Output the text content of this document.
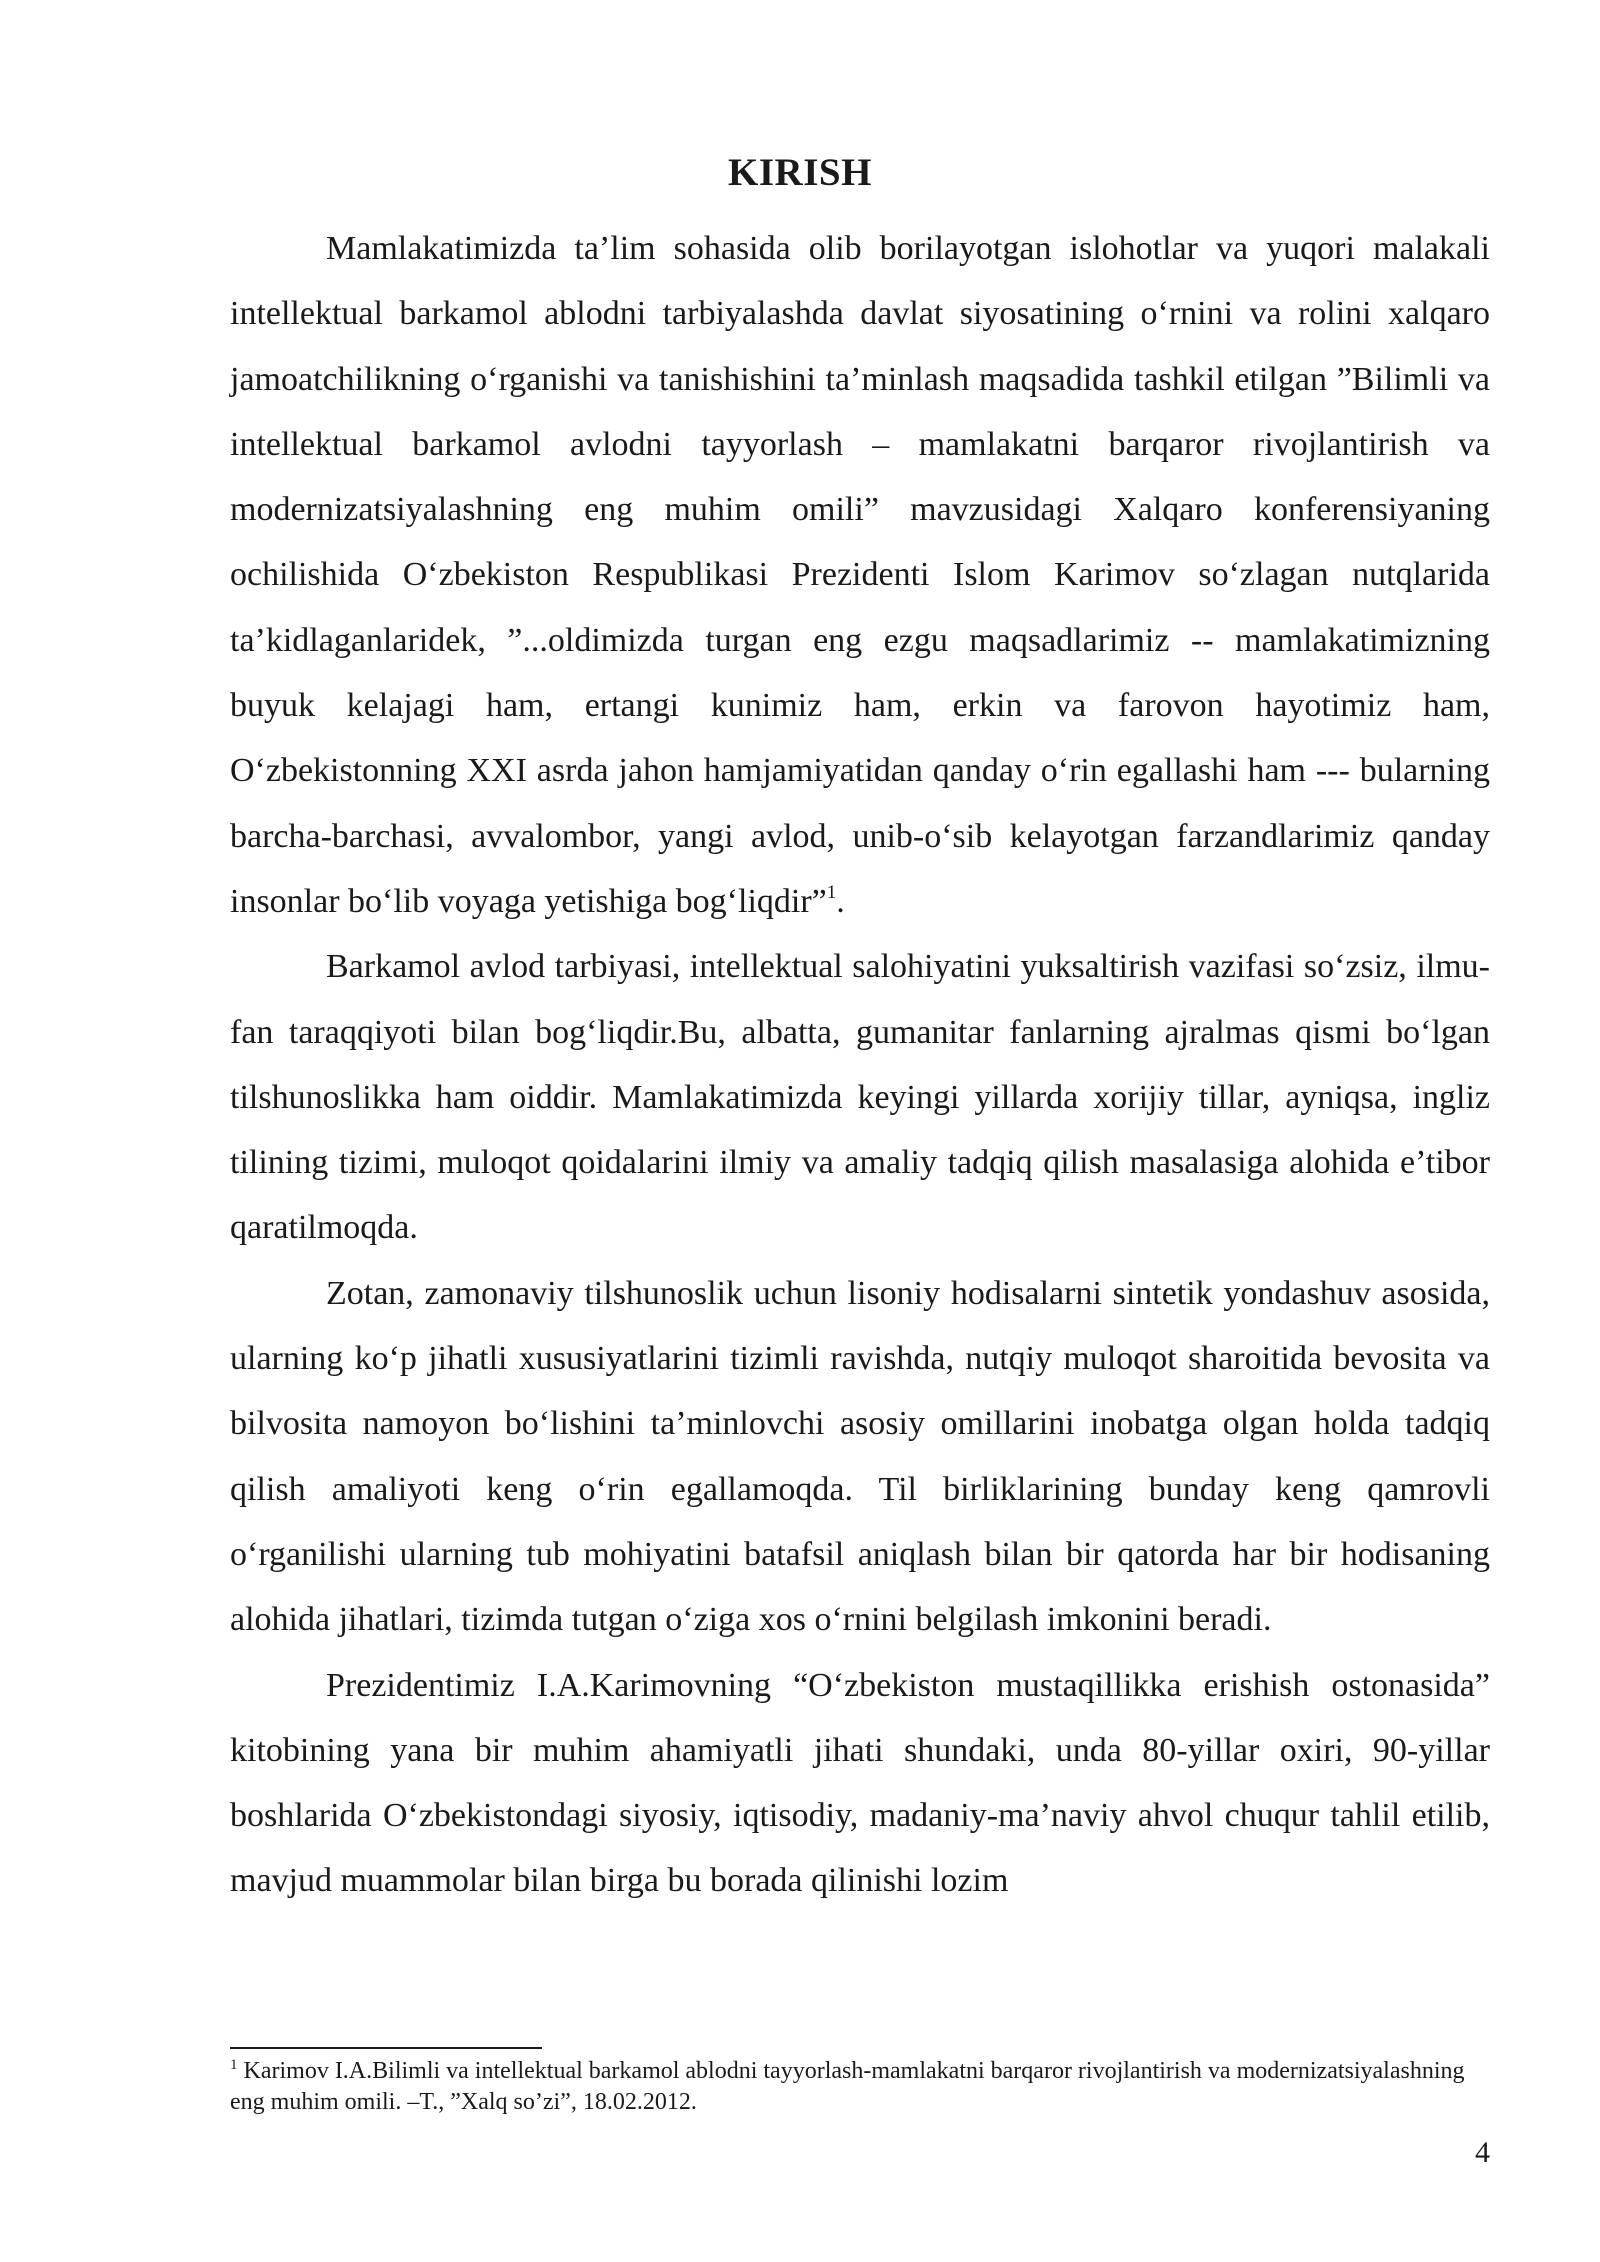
KIRISH

Mamlakatimizda ta’lim sohasida olib borilayotgan islohotlar va yuqori malakali intellektual barkamol ablodni tarbiyalashda davlat siyosatining o‘rnini va rolini xalqaro jamoatchilikning o‘rganishi va tanishishini ta’minlash maqsadida tashkil etilgan ”Bilimli va intellektual barkamol avlodni tayyorlash – mamlakatni barqaror rivojlantirish va modernizatsiyalashning eng muhim omili” mavzusidagi Xalqaro konferensiyaning ochilishida O‘zbekiston Respublikasi Prezidenti Islom Karimov so‘zlagan nutqlarida ta’kidlaganlaridek, ”...oldimizda turgan eng ezgu maqsadlarimiz -- mamlakatimizning buyuk kelajagi ham, ertangi kunimiz ham, erkin va farovon hayotimiz ham, O‘zbekistonning XXI asrda jahon hamjamiyatidan qanday o‘rin egallashi ham --- bularning barcha-barchasi, avvalombor, yangi avlod, unib-o‘sib kelayotgan farzandlarimiz qanday insonlar bo‘lib voyaga yetishiga bog‘liqdir”$^1$.

Barkamol avlod tarbiyasi, intellektual salohiyatini yuksaltirish vazifasi so‘zsiz, ilmu-fan taraqqiyoti bilan bog‘liqdir.Bu, albatta, gumanitar fanlarning ajralmas qismi bo‘lgan tilshunoslikka ham oiddir. Mamlakatimizda keyingi yillarda xorijiy tillar, ayniqsa, ingliz tilining tizimi, muloqot qoidalarini ilmiy va amaliy tadqiq qilish masalasiga alohida e’tibor qaratilmoqda.

Zotan, zamonaviy tilshunoslik uchun lisoniy hodisalarni sintetik yondashuv asosida, ularning ko‘p jihatli xususiyatlarini tizimli ravishda, nutqiy muloqot sharoitida bevosita va bilvosita namoyon bo‘lishini ta’minlovchi asosiy omillarini inobatga olgan holda tadqiq qilish amaliyoti keng o‘rin egallamoqda. Til birliklarining bunday keng qamrovli o‘rganilishi ularning tub mohiyatini batafsil aniqlash bilan bir qatorda har bir hodisaning alohida jihatlari, tizimda tutgan o‘ziga xos o‘rnini belgilash imkonini beradi.

Prezidentimiz I.A.Karimovning “O‘zbekiston mustaqillikka erishish ostonasida” kitobining yana bir muhim ahamiyatli jihati shundaki, unda 80-yillar oxiri, 90-yillar boshlarida O‘zbekistondagi siyosiy, iqtisodiy, madaniy-ma’naviy ahvol chuqur tahlil etilib, mavjud muammolar bilan birga bu borada qilinishi lozim

$^1$ Karimov I.A.Bilimli va intellektual barkamol ablodni tayyorlash-mamlakatni barqaror rivojlantirish va modernizatsiyalashning eng muhim omili. –T., ”Xalq so’zi”, 18.02.2012.
4
